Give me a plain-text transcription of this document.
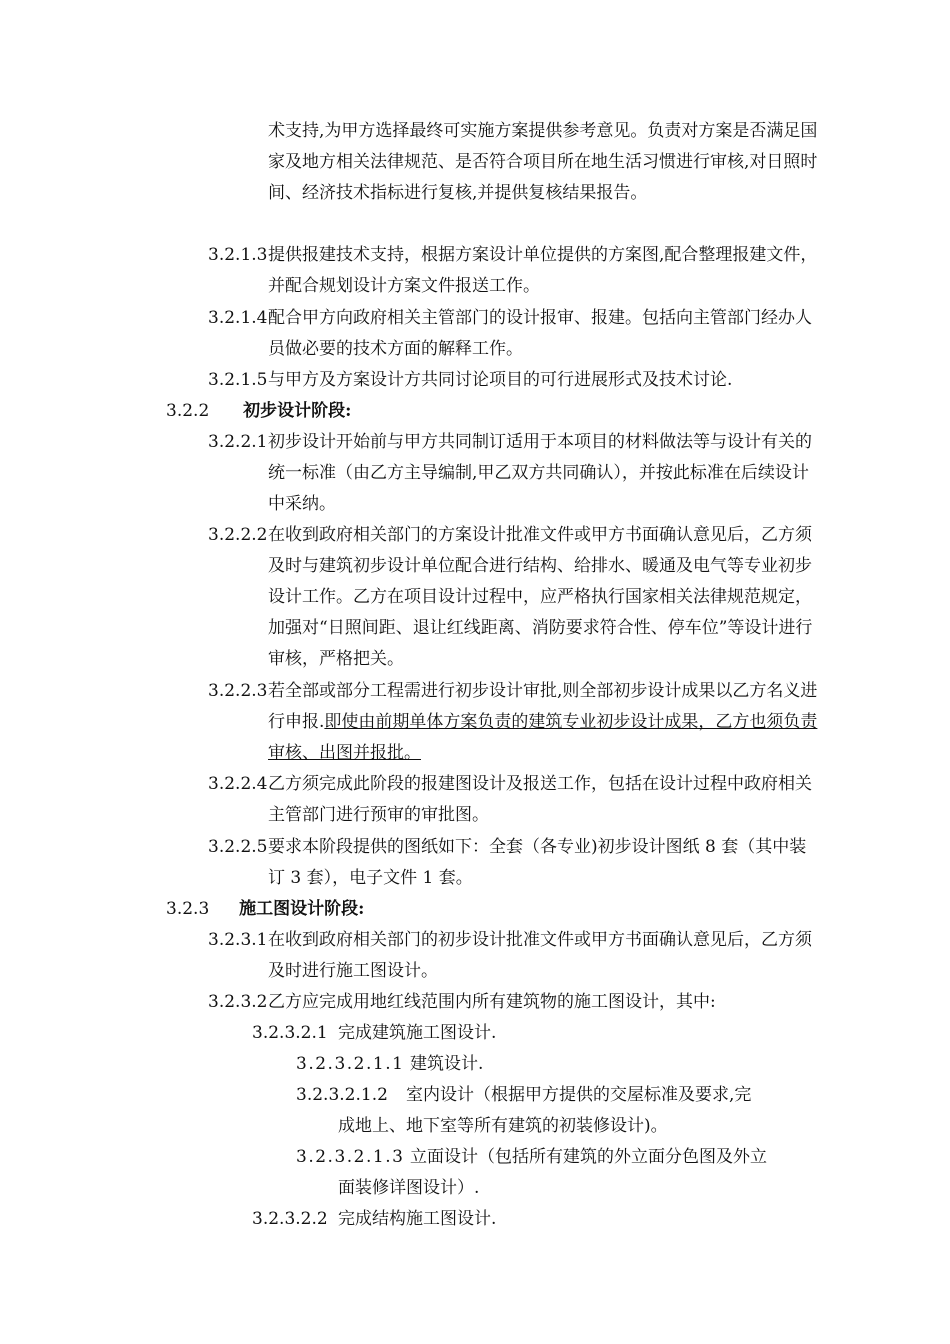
术支持,为甲方选择最终可实施方案提供参考意见。负责对方案是否满足国家及地方相关法律规范、是否符合项目所在地生活习惯进行审核,对日照时间、经济技术指标进行复核,并提供复核结果报告。
3.2.1.3 提供报建技术支持，根据方案设计单位提供的方案图,配合整理报建文件，并配合规划设计方案文件报送工作。
3.2.1.4 配合甲方向政府相关主管部门的设计报审、报建。包括向主管部门经办人员做必要的技术方面的解释工作。
3.2.1.5 与甲方及方案设计方共同讨论项目的可行进展形式及技术讨论.
3.2.2 初步设计阶段:
3.2.2.1 初步设计开始前与甲方共同制订适用于本项目的材料做法等与设计有关的统一标准（由乙方主导编制,甲乙双方共同确认），并按此标准在后续设计中采纳。
3.2.2.2 在收到政府相关部门的方案设计批准文件或甲方书面确认意见后，乙方须及时与建筑初步设计单位配合进行结构、给排水、暖通及电气等专业初步设计工作。乙方在项目设计过程中，应严格执行国家相关法律规范规定，加强对“日照间距、退让红线距离、消防要求符合性、停车位”等设计进行审核，严格把关。
3.2.2.3 若全部或部分工程需进行初步设计审批,则全部初步设计成果以乙方名义进行申报.即使由前期单体方案负责的建筑专业初步设计成果，乙方也须负责审核、出图并报批。
3.2.2.4 乙方须完成此阶段的报建图设计及报送工作，包括在设计过程中政府相关主管部门进行预审的审批图。
3.2.2.5 要求本阶段提供的图纸如下：全套（各专业)初步设计图纸 8 套（其中装订 3 套），电子文件 1 套。
3.2.3 施工图设计阶段:
3.2.3.1 在收到政府相关部门的初步设计批准文件或甲方书面确认意见后，乙方须及时进行施工图设计。
3.2.3.2 乙方应完成用地红线范围内所有建筑物的施工图设计，其中:
3.2.3.2.1 完成建筑施工图设计.
3.2.3.2.1.1 建筑设计.
3.2.3.2.1.2 室内设计（根据甲方提供的交屋标准及要求,完
成地上、地下室等所有建筑的初装修设计)。
3.2.3.2.1.3 立面设计（包括所有建筑的外立面分色图及外立
面装修详图设计）.
3.2.3.2.2 完成结构施工图设计.
